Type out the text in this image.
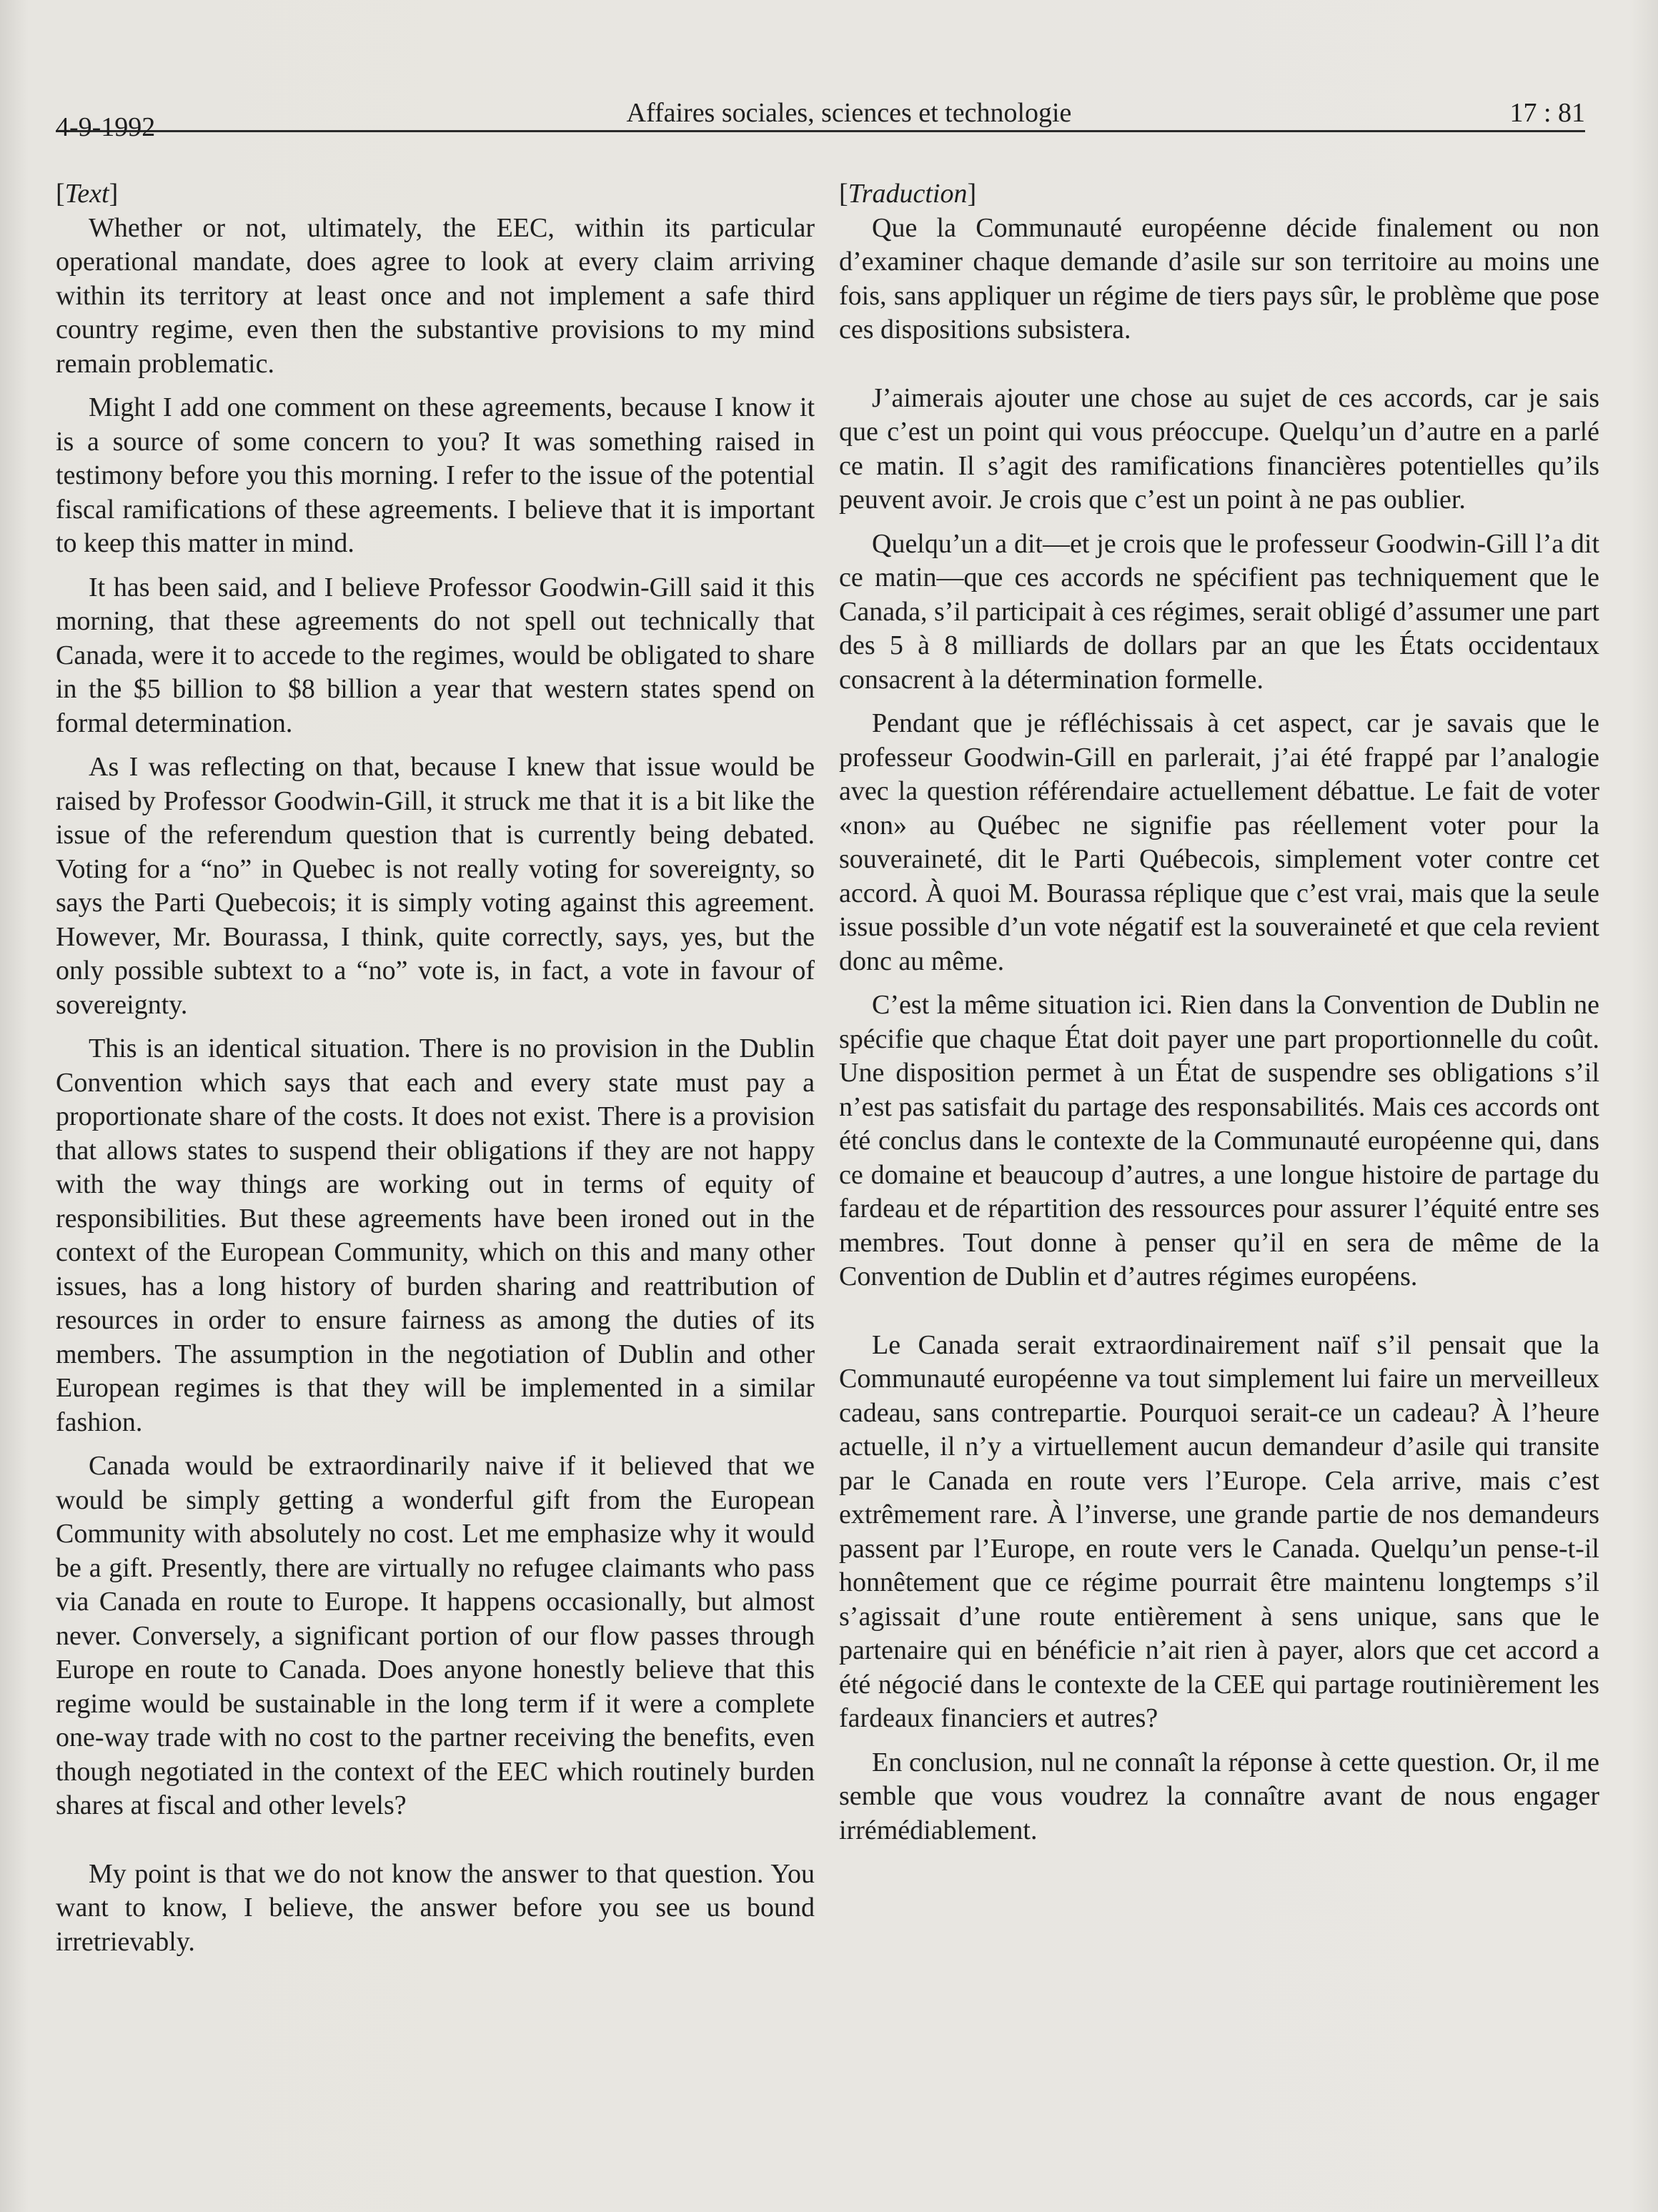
4-9-1992	Affaires sociales, sciences et technologie	17 : 81

[Text]

Whether or not, ultimately, the EEC, within its particular operational mandate, does agree to look at every claim arriving within its territory at least once and not implement a safe third country regime, even then the substantive provisions to my mind remain problematic.

Might I add one comment on these agreements, because I know it is a source of some concern to you? It was something raised in testimony before you this morning. I refer to the issue of the potential fiscal ramifications of these agreements. I believe that it is important to keep this matter in mind.

It has been said, and I believe Professor Goodwin-Gill said it this morning, that these agreements do not spell out technically that Canada, were it to accede to the regimes, would be obligated to share in the $5 billion to $8 billion a year that western states spend on formal determination.

As I was reflecting on that, because I knew that issue would be raised by Professor Goodwin-Gill, it struck me that it is a bit like the issue of the referendum question that is currently being debated. Voting for a “no” in Quebec is not really voting for sovereignty, so says the Parti Quebecois; it is simply voting against this agreement. However, Mr. Bourassa, I think, quite correctly, says, yes, but the only possible subtext to a “no” vote is, in fact, a vote in favour of sovereignty.

This is an identical situation. There is no provision in the Dublin Convention which says that each and every state must pay a proportionate share of the costs. It does not exist. There is a provision that allows states to suspend their obligations if they are not happy with the way things are working out in terms of equity of responsibilities. But these agreements have been ironed out in the context of the European Community, which on this and many other issues, has a long history of burden sharing and reattribution of resources in order to ensure fairness as among the duties of its members. The assumption in the negotiation of Dublin and other European regimes is that they will be implemented in a similar fashion.

Canada would be extraordinarily naive if it believed that we would be simply getting a wonderful gift from the European Community with absolutely no cost. Let me emphasize why it would be a gift. Presently, there are virtually no refugee claimants who pass via Canada en route to Europe. It happens occasionally, but almost never. Conversely, a significant portion of our flow passes through Europe en route to Canada. Does anyone honestly believe that this regime would be sustainable in the long term if it were a complete one-way trade with no cost to the partner receiving the benefits, even though negotiated in the context of the EEC which routinely burden shares at fiscal and other levels?

My point is that we do not know the answer to that question. You want to know, I believe, the answer before you see us bound irretrievably.

[Traduction]

Que la Communauté européenne décide finalement ou non d’examiner chaque demande d’asile sur son territoire au moins une fois, sans appliquer un régime de tiers pays sûr, le problème que pose ces dispositions subsistera.

J’aimerais ajouter une chose au sujet de ces accords, car je sais que c’est un point qui vous préoccupe. Quelqu’un d’autre en a parlé ce matin. Il s’agit des ramifications financières potentielles qu’ils peuvent avoir. Je crois que c’est un point à ne pas oublier.

Quelqu’un a dit—et je crois que le professeur Goodwin-Gill l’a dit ce matin—que ces accords ne spécifient pas techniquement que le Canada, s’il participait à ces régimes, serait obligé d’assumer une part des 5 à 8 milliards de dollars par an que les États occidentaux consacrent à la détermination formelle.

Pendant que je réfléchissais à cet aspect, car je savais que le professeur Goodwin-Gill en parlerait, j’ai été frappé par l’analogie avec la question référendaire actuellement débattue. Le fait de voter «non» au Québec ne signifie pas réellement voter pour la souveraineté, dit le Parti Québecois, simplement voter contre cet accord. À quoi M. Bourassa réplique que c’est vrai, mais que la seule issue possible d’un vote négatif est la souveraineté et que cela revient donc au même.

C’est la même situation ici. Rien dans la Convention de Dublin ne spécifie que chaque État doit payer une part proportionnelle du coût. Une disposition permet à un État de suspendre ses obligations s’il n’est pas satisfait du partage des responsabilités. Mais ces accords ont été conclus dans le contexte de la Communauté européenne qui, dans ce domaine et beaucoup d’autres, a une longue histoire de partage du fardeau et de répartition des ressources pour assurer l’équité entre ses membres. Tout donne à penser qu’il en sera de même de la Convention de Dublin et d’autres régimes européens.

Le Canada serait extraordinairement naïf s’il pensait que la Communauté européenne va tout simplement lui faire un merveilleux cadeau, sans contrepartie. Pourquoi serait-ce un cadeau? À l’heure actuelle, il n’y a virtuellement aucun demandeur d’asile qui transite par le Canada en route vers l’Europe. Cela arrive, mais c’est extrêmement rare. À l’inverse, une grande partie de nos demandeurs passent par l’Europe, en route vers le Canada. Quelqu’un pense-t-il honnêtement que ce régime pourrait être maintenu longtemps s’il s’agissait d’une route entièrement à sens unique, sans que le partenaire qui en bénéficie n’ait rien à payer, alors que cet accord a été négocié dans le contexte de la CEE qui partage routinièrement les fardeaux financiers et autres?

En conclusion, nul ne connaît la réponse à cette question. Or, il me semble que vous voudrez la connaître avant de nous engager irrémédiablement.
